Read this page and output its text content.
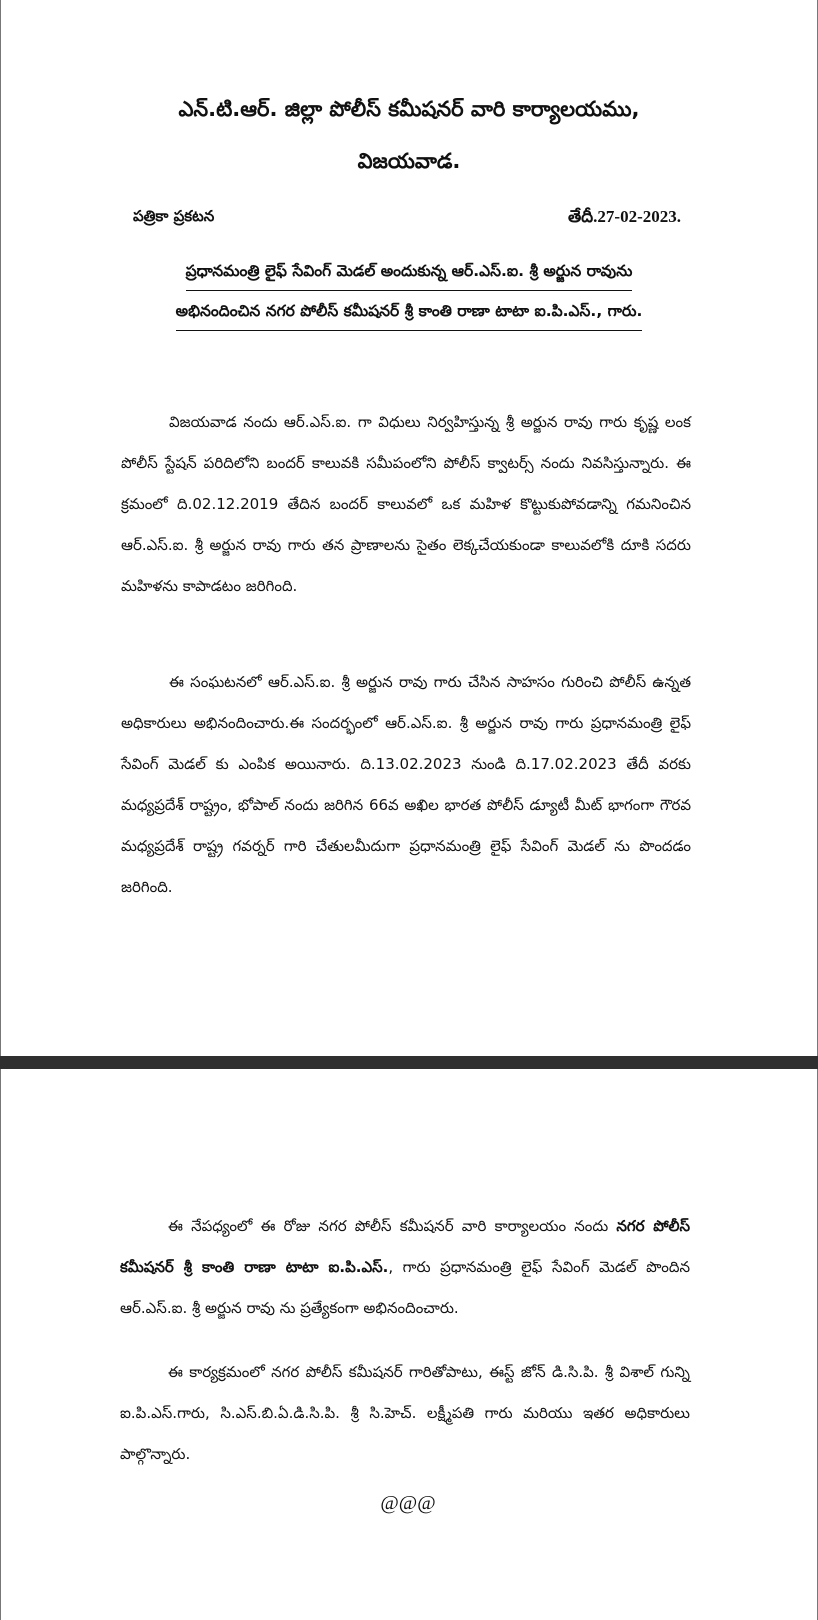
ఎన్.టి.ఆర్. జిల్లా పోలీస్ కమీషనర్ వారి కార్యాలయము,
విజయవాడ.
పత్రికా ప్రకటన	తేదీ.27-02-2023.
ప్రధానమంత్రి లైఫ్ సేవింగ్ మెడల్ అందుకున్న ఆర్.ఎస్.ఐ. శ్రీ అర్జున రావును
అభినందించిన నగర పోలీస్ కమీషనర్ శ్రీ కాంతి రాణా టాటా ఐ.పి.ఎస్., గారు.

విజయవాడ నందు ఆర్.ఎస్.ఐ. గా విధులు నిర్వహిస్తున్న శ్రీ అర్జున రావు గారు కృష్ణ లంక పోలీస్ స్టేషన్ పరిదిలోని బందర్ కాలువకి సమీపంలోని పోలీస్ క్వాటర్స్ నందు నివసిస్తున్నారు. ఈ క్రమంలో ది.02.12.2019 తేదిన బందర్ కాలువలో ఒక మహిళ కొట్టుకుపోవడాన్ని గమనించిన ఆర్.ఎస్.ఐ. శ్రీ అర్జున రావు గారు తన ప్రాణాలను సైతం లెక్కచేయకుండా కాలువలోకి దూకి సదరు మహిళను కాపాడటం జరిగింది.

ఈ సంఘటనలో ఆర్.ఎస్.ఐ. శ్రీ అర్జున రావు గారు చేసిన సాహసం గురించి పోలీస్ ఉన్నత అధికారులు అభినందించారు.ఈ సందర్భంలో ఆర్.ఎస్.ఐ. శ్రీ అర్జున రావు గారు ప్రధానమంత్రి లైఫ్ సేవింగ్ మెడల్ కు ఎంపిక అయినారు. ది.13.02.2023 నుండి ది.17.02.2023 తేదీ వరకు మధ్యప్రదేశ్ రాష్ట్రం, భోపాల్ నందు జరిగిన 66వ అఖిల భారత పోలీస్ డ్యూటీ మీట్ భాగంగా గౌరవ మధ్యప్రదేశ్ రాష్ట్ర గవర్నర్ గారి చేతులమీదుగా ప్రధానమంత్రి లైఫ్ సేవింగ్ మెడల్ ను పొందడం జరిగింది.

ఈ నేపధ్యంలో ఈ రోజు నగర పోలీస్ కమీషనర్ వారి కార్యాలయం నందు నగర పోలీస్ కమీషనర్ శ్రీ కాంతి రాణా టాటా ఐ.పి.ఎస్., గారు ప్రధానమంత్రి లైఫ్ సేవింగ్ మెడల్ పొందిన ఆర్.ఎస్.ఐ. శ్రీ అర్జున రావు ను ప్రత్యేకంగా అభినందించారు.

ఈ కార్యక్రమంలో నగర పోలీస్ కమీషనర్ గారితోపాటు, ఈస్ట్ జోన్ డి.సి.పి. శ్రీ విశాల్ గున్ని ఐ.పి.ఎస్.గారు, సి.ఎస్.బి.ఏ.డి.సి.పి. శ్రీ సి.హెచ్. లక్ష్మీపతి గారు మరియు ఇతర అధికారులు పాల్గొన్నారు.

@@@
